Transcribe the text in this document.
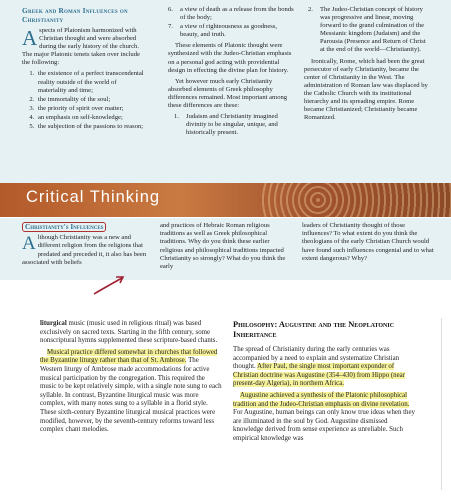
Greek and Roman Influences on Christianity

Aspects of Platonism harmonized with Christian thought and were absorbed during the early history of the church. The major Platonic tenets taken over include the following:

1. the existence of a perfect transcendental reality outside of the world of materiality and time;
2. the immortality of the soul;
3. the priority of spirit over matter;
4. an emphasis on self-knowledge;
5. the subjection of the passions to reason;
6.	a view of death as a release from the bonds of the body;
7.	a view of righteousness as goodness, beauty, and truth.

These elements of Platonic thought were synthesized with the Judeo-Christian emphasis on a personal god acting with providential design in effecting the divine plan for history.

Yet however much early Christianity absorbed elements of Greek philosophy differences remained. Most important among these differences are these:

1.	Judaism and Christianity imagined divinity to be singular, unique, and historically present.
2.	The Judeo-Christian concept of history was progressive and linear, moving forward to the grand culmination of the Messianic kingdom (Judaism) and the Parousia (Presence and Return of Christ at the end of the world—Christianity).

Ironically, Rome, which had been the great persecutor of early Christianity, became the center of Christianity in the West. The administration of Roman law was displaced by the Catholic Church with its institutional hierarchy and its spreading empire. Rome became Christianized; Christianity became Romanized.

Critical Thinking
Christianity's Influences
Although Christianity was a new and different religion from the religions that predated and preceded it, it also has been associated with beliefs
and practices of Hebraic Roman religious traditions as well as Greek philosophical traditions. Why do you think these earlier religious and philosophical traditions impacted Christianity so strongly? What do you think the early
leaders of Christianity thought of those influences? To what extent do you think the theologians of the early Christian Church would have found such influences congenial and to what extent dangerous? Why?

liturgical music (music used in religious ritual) was based exclusively on sacred texts. Starting in the fifth century, some nonscriptural hymns supplemented these scripture-based chants.

Musical practice differed somewhat in churches that followed the Byzantine liturgy rather than that of St. Ambrose. The Western liturgy of Ambrose made accommodations for active musical participation by the congregation. This required the music to be kept relatively simple, with a single note sung to each syllable. In contrast, Byzantine liturgical music was more complex, with many notes sung to a syllable in a florid style. These sixth-century Byzantine liturgical musical practices were modified, however, by the seventh-century reforms toward less complex chant melodies.

Philosophy: Augustine and the Neoplatonic Inheritance

The spread of Christianity during the early centuries was accompanied by a need to explain and systematize Christian thought. After Paul, the single most important exponder of Christian doctrine was Augustine (354–430) from Hippo (near present-day Algeria), in northern Africa.

Augustine achieved a synthesis of the Platonic philosophical tradition and the Judeo-Christian emphasis on divine revelation. For Augustine, human beings can only know true ideas when they are illuminated in the soul by God. Augustine dismissed knowledge derived from sense experience as unreliable. Such empirical knowledge was
